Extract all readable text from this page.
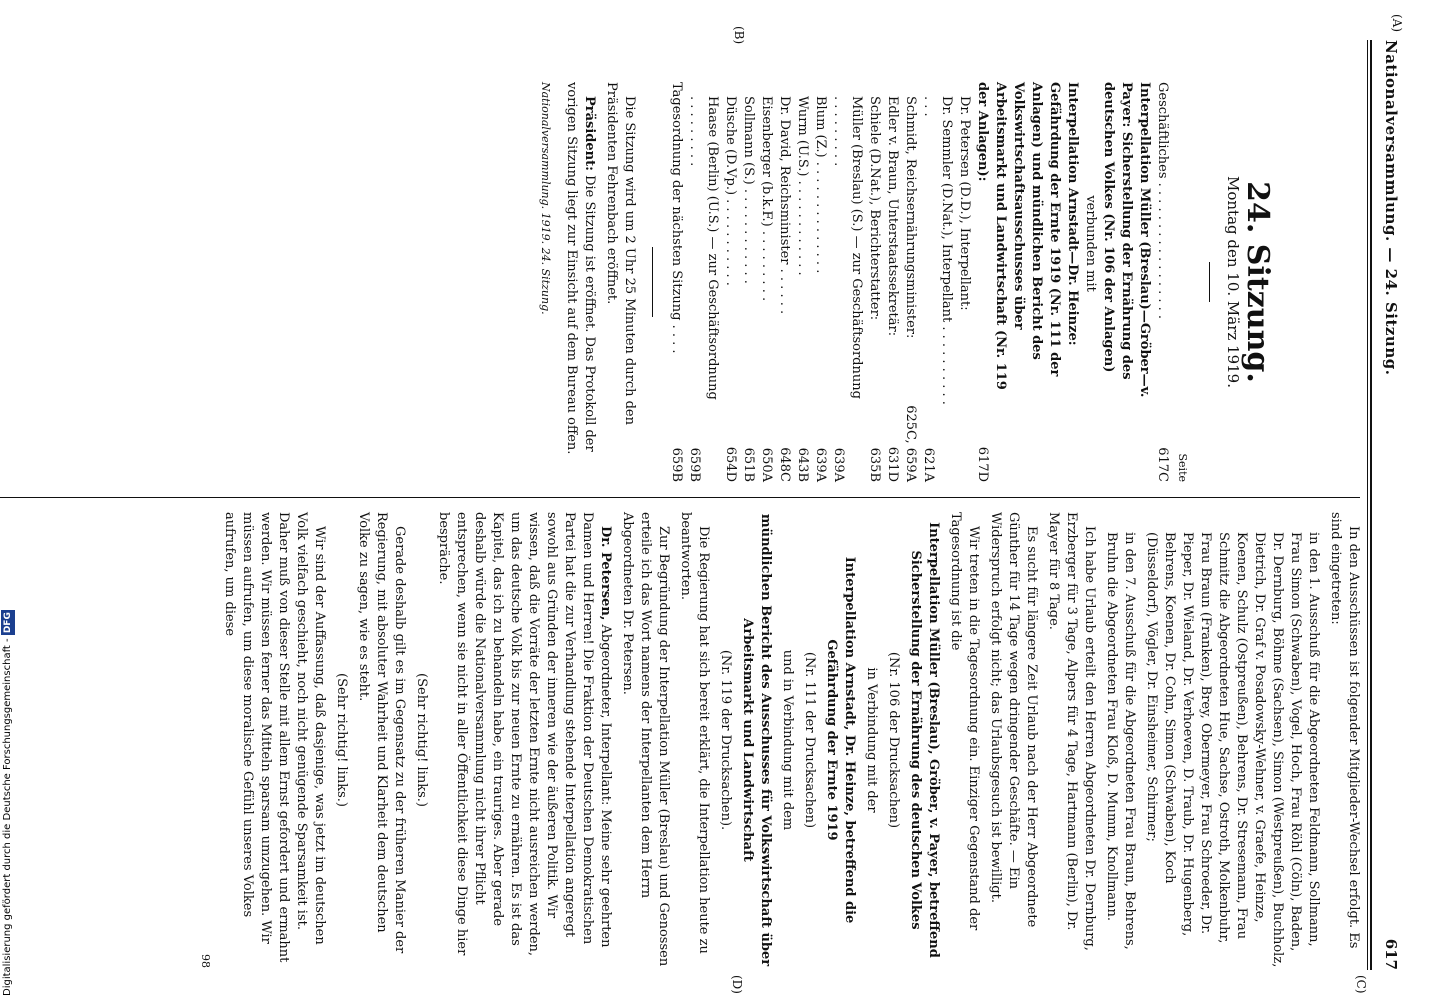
Nationalversammlung. — 24. Sitzung.
617
(A)
(B)
(C)
(D)
24. Sitzung.
Montag den 10. März 1919.
Seite
Geschäftliches . . . . . . . . . . . . . . . . .	617C
Interpellation Müller (Breslau)—Gröber—v. Payer: Sicherstellung der Ernährung des deutschen Volkes (Nr. 106 der Anlagen)	
verbunden mit	
Interpellation Arnstadt—Dr. Heinze: Gefährdung der Ernte 1919 (Nr. 111 der Anlagen) und mündlichen Bericht des Volkswirtschaftsausschusses über Arbeitsmarkt und Landwirtschaft (Nr. 119 der Anlagen):	617D
Dr. Petersen (D.D.), Interpellant:	
Dr. Semmler (D.Nat.), Interpellant . . . . . . . . . . . . .	621A
Schmidt, Reichsernährungsminister:	625C, 659A
Edler v. Braun, Unterstaatssekretär:	631D
Schiele (D.Nat.), Berichterstatter:	635B
Müller (Breslau) (S.) — zur Geschäftsordnung . . . . . . . . .	639A
Blum (Z.) . . . . . . . . . . . . . .	639A
Wurm (U.S.) . . . . . . . . . . . .	643B
Dr. David, Reichsminister . . . . . .	648C
Eisenberger (b.k.F.) . . . . . . . . .	650A
Sollmann (S.) . . . . . . . . . . . .	651B
Düsche (D.Vp.) . . . . . . . . . . .	654D
Haase (Berlin) (U.S.) — zur Geschäftsordnung . . . . . . . . .	659B
Tagesordnung der nächsten Sitzung . . . .	659B

Die Sitzung wird um 2 Uhr 25 Minuten durch den Präsidenten Fehrenbach eröffnet.

Präsident: Die Sitzung ist eröffnet. Das Protokoll der vorigen Sitzung liegt zur Einsicht auf dem Bureau offen.

Nationalversammlung. 1919. 24. Sitzung.

In den Ausschüssen ist folgender Mitglieder-Wechsel erfolgt. Es sind eingetreten:

in den 1. Ausschuß für die Abgeordneten Feldmann, Sollmann, Frau Simon (Schwaben), Vogel, Hoch, Frau Röhl (Cöln), Baden, Dr. Dernburg, Böhme (Sachsen), Simon (Westpreußen), Buchholz, Dietrich, Dr. Graf v. Posadowsky-Wehner, v. Graefe, Heinze, Koenen, Schulz (Ostpreußen), Behrens, Dr. Stresemann, Frau Schmitz die Abgeordneten Hue, Sachse, Ostroth, Molkenbuhr, Frau Braun (Franken), Brey, Obermeyer, Frau Schroeder, Dr. Pieper, Dr. Wieland, Dr. Verhoeven, D. Traub, Dr. Hugenberg, Behrens, Koenen, Dr. Cohn, Simon (Schwaben), Koch (Düsseldorf), Vögler, Dr. Einsheimer, Schirmer;

in den 7. Ausschuß für die Abgeordneten Frau Braun, Behrens, Bruhn die Abgeordneten Frau Kloß, D. Mumm, Knollmann.

Ich habe Urlaub erteilt den Herren Abgeordneten Dr. Dernburg, Erzberger für 3 Tage, Alpers für 4 Tage, Hartmann (Berlin), Dr. Mayer für 8 Tage.

Es sucht für längere Zeit Urlaub nach der Herr Abgeordnete Günther für 14 Tage wegen dringender Geschäfte. — Ein Widerspruch erfolgt nicht; das Urlaubsgesuch ist bewilligt.

Wir treten in die Tagesordnung ein. Einziger Gegenstand der Tagesordnung ist die

Interpellation Müller (Breslau), Gröber, v. Payer, betreffend Sicherstellung der Ernährung des deutschen Volkes

(Nr. 106 der Drucksachen)

in Verbindung mit der

Interpellation Arnstadt, Dr. Heinze, betreffend die Gefährdung der Ernte 1919

(Nr. 111 der Drucksachen)

und in Verbindung mit dem

mündlichen Bericht des Ausschusses für Volkswirtschaft über Arbeitsmarkt und Landwirtschaft

(Nr. 119 der Drucksachen).

Die Regierung hat sich bereit erklärt, die Interpellation heute zu beantworten.

Zur Begründung der Interpellation Müller (Breslau) und Genossen erteile ich das Wort namens der Interpellanten dem Herrn Abgeordneten Dr. Petersen.

Dr. Petersen, Abgeordneter, Interpellant: Meine sehr geehrten Damen und Herren! Die Fraktion der Deutschen Demokratischen Partei hat die zur Verhandlung stehende Interpellation angeregt sowohl aus Gründen der inneren wie der äußeren Politik. Wir wissen, daß die Vorräte der letzten Ernte nicht ausreichen werden, um das deutsche Volk bis zur neuen Ernte zu ernähren. Es ist das Kapitel, das ich zu behandeln habe, ein trauriges. Aber gerade deshalb würde die Nationalversammlung nicht ihrer Pflicht entsprechen, wenn sie nicht in aller Öffentlichkeit diese Dinge hier bespräche.

(Sehr richtig! links.)

Gerade deshalb gilt es im Gegensatz zu der früheren Manier der Regierung, mit absoluter Wahrheit und Klarheit dem deutschen Volke zu sagen, wie es steht.

(Sehr richtig! links.)

Wir sind der Auffassung, daß dasjenige, was jetzt im deutschen Volk vielfach geschieht, noch nicht genügende Sparsamkeit ist. Daher muß von dieser Stelle mit allem Ernst gefordert und ermahnt werden. Wir müssen ferner das Mitteln sparsam umzugehen. Wir müssen aufrufen, um diese moralische Gefühl unseres Volkes aufrufen, um diese

98
Digitalisierung gefördert durch die Deutsche Forschungsgemeinschaft - DFG
